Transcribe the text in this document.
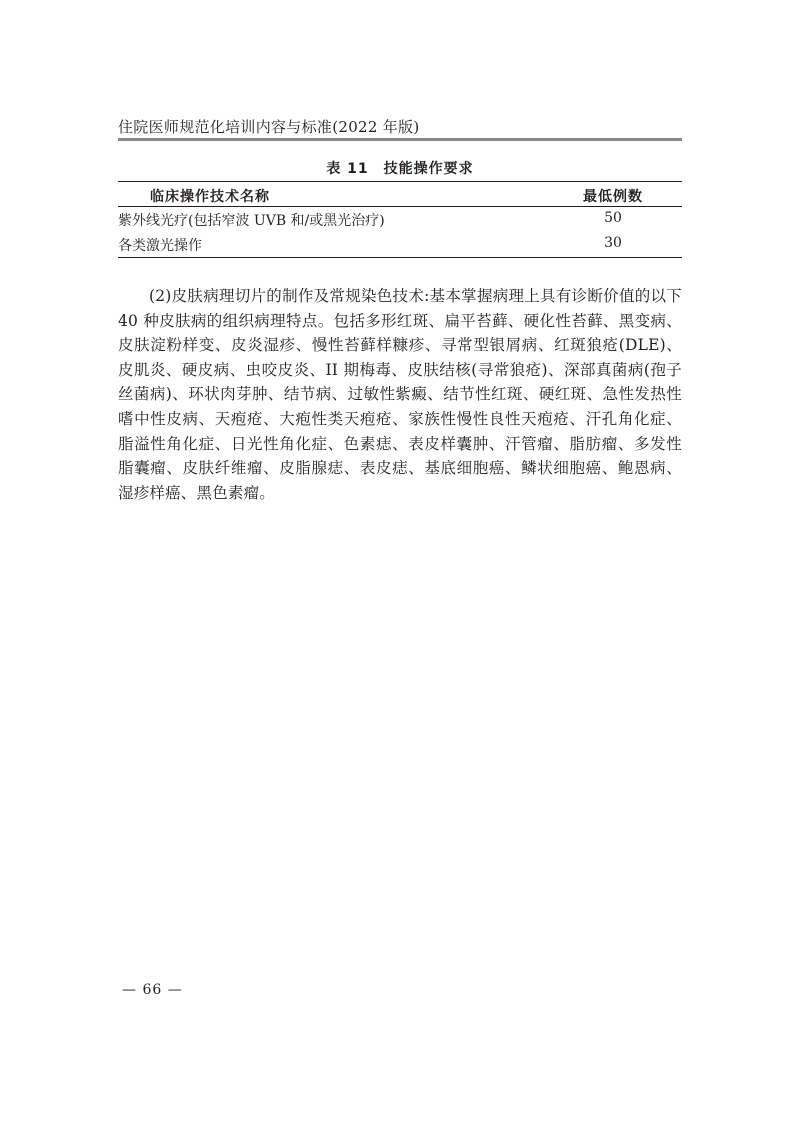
住院医师规范化培训内容与标准(2022 年版)
表 11　技能操作要求
临床操作技术名称	最低例数
紫外线光疗(包括窄波 UVB 和/或黑光治疗)	50
各类激光操作	30
(2)皮肤病理切片的制作及常规染色技术:基本掌握病理上具有诊断价值的以下 40 种皮肤病的组织病理特点。包括多形红斑、扁平苔藓、硬化性苔藓、黑变病、皮肤淀粉样变、皮炎湿疹、慢性苔藓样糠疹、寻常型银屑病、红斑狼疮(DLE)、皮肌炎、硬皮病、虫咬皮炎、II 期梅毒、皮肤结核(寻常狼疮)、深部真菌病(孢子丝菌病)、环状肉芽肿、结节病、过敏性紫癜、结节性红斑、硬红斑、急性发热性嗜中性皮病、天疱疮、大疱性类天疱疮、家族性慢性良性天疱疮、汗孔角化症、脂溢性角化症、日光性角化症、色素痣、表皮样囊肿、汗管瘤、脂肪瘤、多发性脂囊瘤、皮肤纤维瘤、皮脂腺痣、表皮痣、基底细胞癌、鳞状细胞癌、鲍恩病、湿疹样癌、黑色素瘤。
— 66 —
